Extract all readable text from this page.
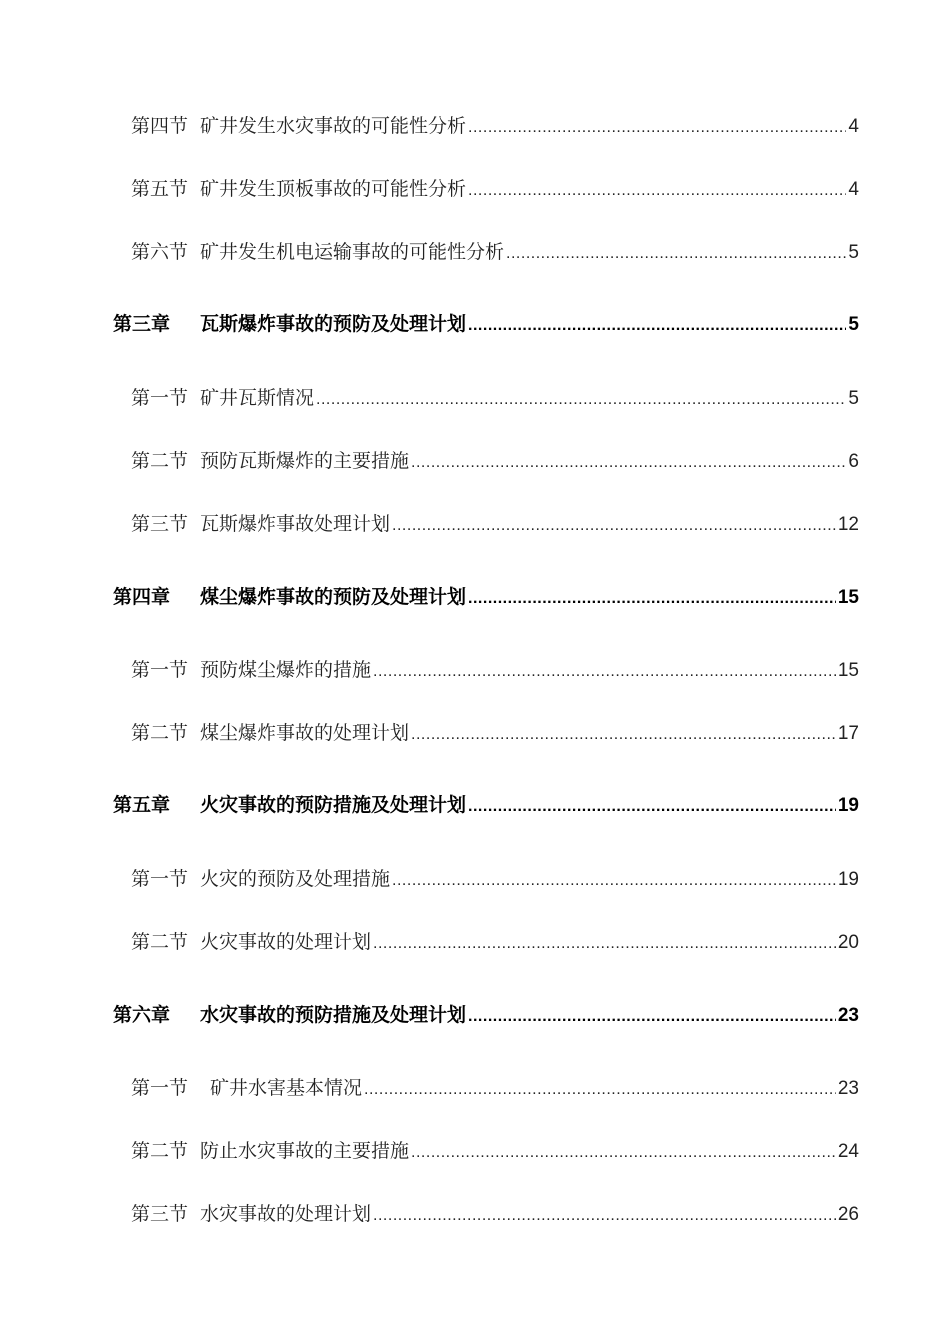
第四节 矿井发生水灾事故的可能性分析 .....	4
第五节 矿井发生顶板事故的可能性分析 .....	4
第六节 矿井发生机电运输事故的可能性分析 .....	5
第三章 瓦斯爆炸事故的预防及处理计划 .....	5
第一节 矿井瓦斯情况 .....	5
第二节 预防瓦斯爆炸的主要措施 .....	6
第三节 瓦斯爆炸事故处理计划 .....	12
第四章 煤尘爆炸事故的预防及处理计划 .....	15
第一节 预防煤尘爆炸的措施 .....	15
第二节 煤尘爆炸事故的处理计划 .....	17
第五章 火灾事故的预防措施及处理计划 .....	19
第一节 火灾的预防及处理措施 .....	19
第二节 火灾事故的处理计划 .....	20
第六章 水灾事故的预防措施及处理计划 .....	23
第一节 矿井水害基本情况 .....	23
第二节 防止水灾事故的主要措施 .....	24
第三节 水灾事故的处理计划 .....	26
